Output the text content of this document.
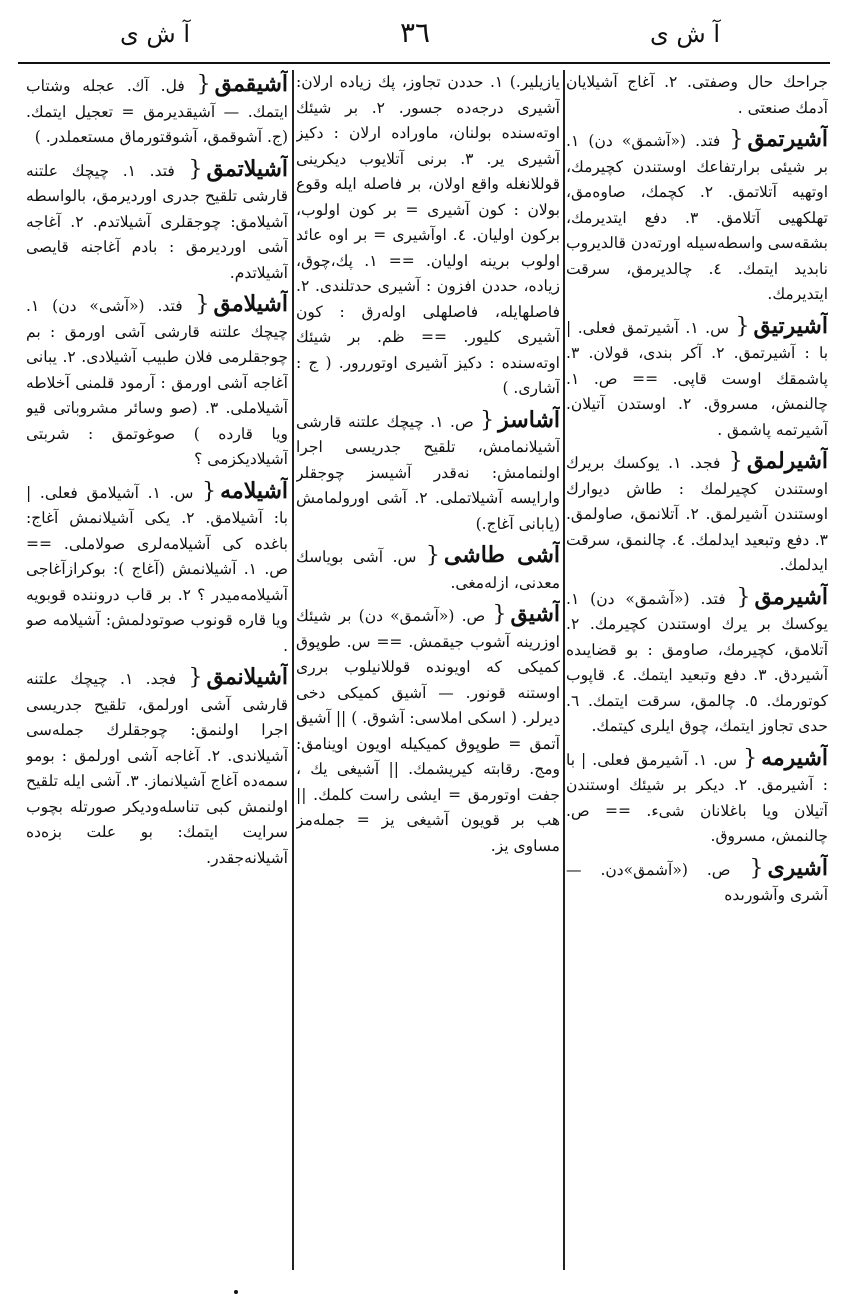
آ ش ى	٣٦	آ ش ى
جراحك حال وصفتى. ٢. آغاج آشیلايان آدمك صنعتى .
آشیرتمق{ فتد. («آشمق» دن) ١. بر شیئى برارتفاعك اوستندن كچیرمك، اوتهیه آتلاتمق. ٢. كچمك، صاوەمق، تهلكهیى آتلامق. ٣. دفع ایتدیرمك، بشقەسى واسطەسيله اورتەدن قالديروب نابديد ایتمك. ٤. چالدیرمق، سرقت ایتدیرمك.
آشیرتیق{ س. ١. آشیرتمق فعلى. | با : آشیرتمق. ٢. آكر بندى، قولان. ٣. پاشمقك اوست قاپى. == ص. ١. چالنمش، مسروق. ٢. اوستدن آتيلان. آشیرتمه پاشمق .
آشیرلمق{ فجد. ١. يوكسك بريرك اوستندن كچیرلمك : طاش ديوارك اوستندن آشیرلمق. ٢. آتلانمق، صاولمق. ٣. دفع وتبعيد ايدلمك. ٤. چالنمق، سرقت ايدلمك.
آشیرمق{ فتد. («آشمق» دن) ١. يوكسك بر يرك اوستندن كچیرمك. ٢. آتلامق، كچیرمك، صاومق : بو قضايىده آشیردق. ٣. دفع وتبعيد ایتمك. ٤. قاپوب كوتورمك. ٥. چالمق، سرقت ایتمك. ٦. حدى تجاوز ایتمك، چوق ايلرى كيتمك.
آشیرمه{ س. ١. آشیرمق فعلى. | با : آشیرمق. ٢. ديكر بر شيئك اوستندن آتيلان ويا باغلانان شىء. == ص. چالنمش، مسروق.
آشیرى{ ص. («آشمق»دن. — آشرى وآشورىده
يازيلير.) ١. حددن تجاوز، پك زياده ارلان: آشیرى درجەده جسور. ٢. بر شیئك اوتەسندە بولنان، ماوراده ارلان : دكيز آشیرى ير. ٣. برنى آتلايوب ديكرينى قوللانغله واقع اولان، بر فاصله ايله وقوع بولان : كون آشیرى = بر كون اولوب، بركون اوليان. ٤. اوآشيرى = بر اوه عائد اولوب برينه اوليان. == ١. پك،چوق، زياده، حددن افزون : آشیرى حدتلندى. ٢. فاصلهايله، فاصلهلى اولەرق : كون آشیرى كليور. == ظم. بر شيئك اوتەسندە : دكيز آشیرى اوتوررور. ( ج : آشارى. )
آشاسز{ ص. ١. چيچك علتنه قارشى آشیلانمامش، تلقيح جدريسى اجرا اولنمامش: نەقدر آشیسز چوجقلر وارايسه آشيلاتملى. ٢. آشى اورولمامش (يابانى آغاج.)
آشی طاشی{ س. آشى بوياسك معدنى، ازلەمغى.
آشیق{ ص. («آشمق» دن) بر شيئك اوزرينه آشوب جيقمش. == س. طوپوق كميكى كه اويونده قوللانيلوب بررى اوستنه قونور. — آشیق كميكى دخى ديرلر. ( اسكى املاسى: آشوق. ) || آشیق آتمق = طوپوق كميكيله اويون اوينامق: ومج. رقابته كيريشمك. || آشیغى يك ، جفت اوتورمق = ايشى راست كلمك. || هب بر قويون آشیغى يز = جملەمز مساوى يز.
آشیقمق{ فل. آك. عجله وشتاب ایتمك. — آشيقديرمق = تعجيل ایتمك. (ج. آشوقمق، آشوقتورماق مستعملدر. )
آشیلاتمق{ فتد. ١. چيچك علتنه قارشى تلقيح جدرى اورديرمق، بالواسطه آشیلامق: چوجقلرى آشيلاتدم. ٢. آغاجه آشى اورديرمق : بادم آغاجنه قايصى آشيلاتدم.
آشیلامق{ فتد. («آشى» دن) ١. چيچك علتنه قارشى آشى اورمق : بم چوجقلرمى فلان طبيب آشيلادى. ٢. يبانى آغاجه آشى اورمق : آرمود قلمنى آخلاطه آشیلاملى. ٣. (صو وسائر مشروباتى قيو ويا قارده ) صوغوتمق : شربتى آشيلاديكزمى ؟
آشیلامه{ س. ١. آشیلامق فعلى. | با: آشيلامق. ٢. يكى آشيلانمش آغاج: باغده كى آشيلامەلرى صولاملى. == ص. ١. آشيلانمش (آغاج ): بوكرازآغاجى آشيلامەميدر ؟ ٢. بر قاب درونندە قوبويه ويا قاره قونوب صوتودلمش: آشیلامه صو .
آشیلانمق{ فجد. ١. چيچك علتنه قارشى آشى اورلمق، تلقيح جدريسى اجرا اولنمق: چوجقلرك جملەسى آشیلاندى. ٢. آغاجه آشى اورلمق : بومو سمەدە آغاج آشيلانماز. ٣. آشى ايله تلقيح اولنمش كبى تناسلەوديكر صورتله بچوب سرايت ایتمك: بو علت بزەدە آشیلانەجقدر.
